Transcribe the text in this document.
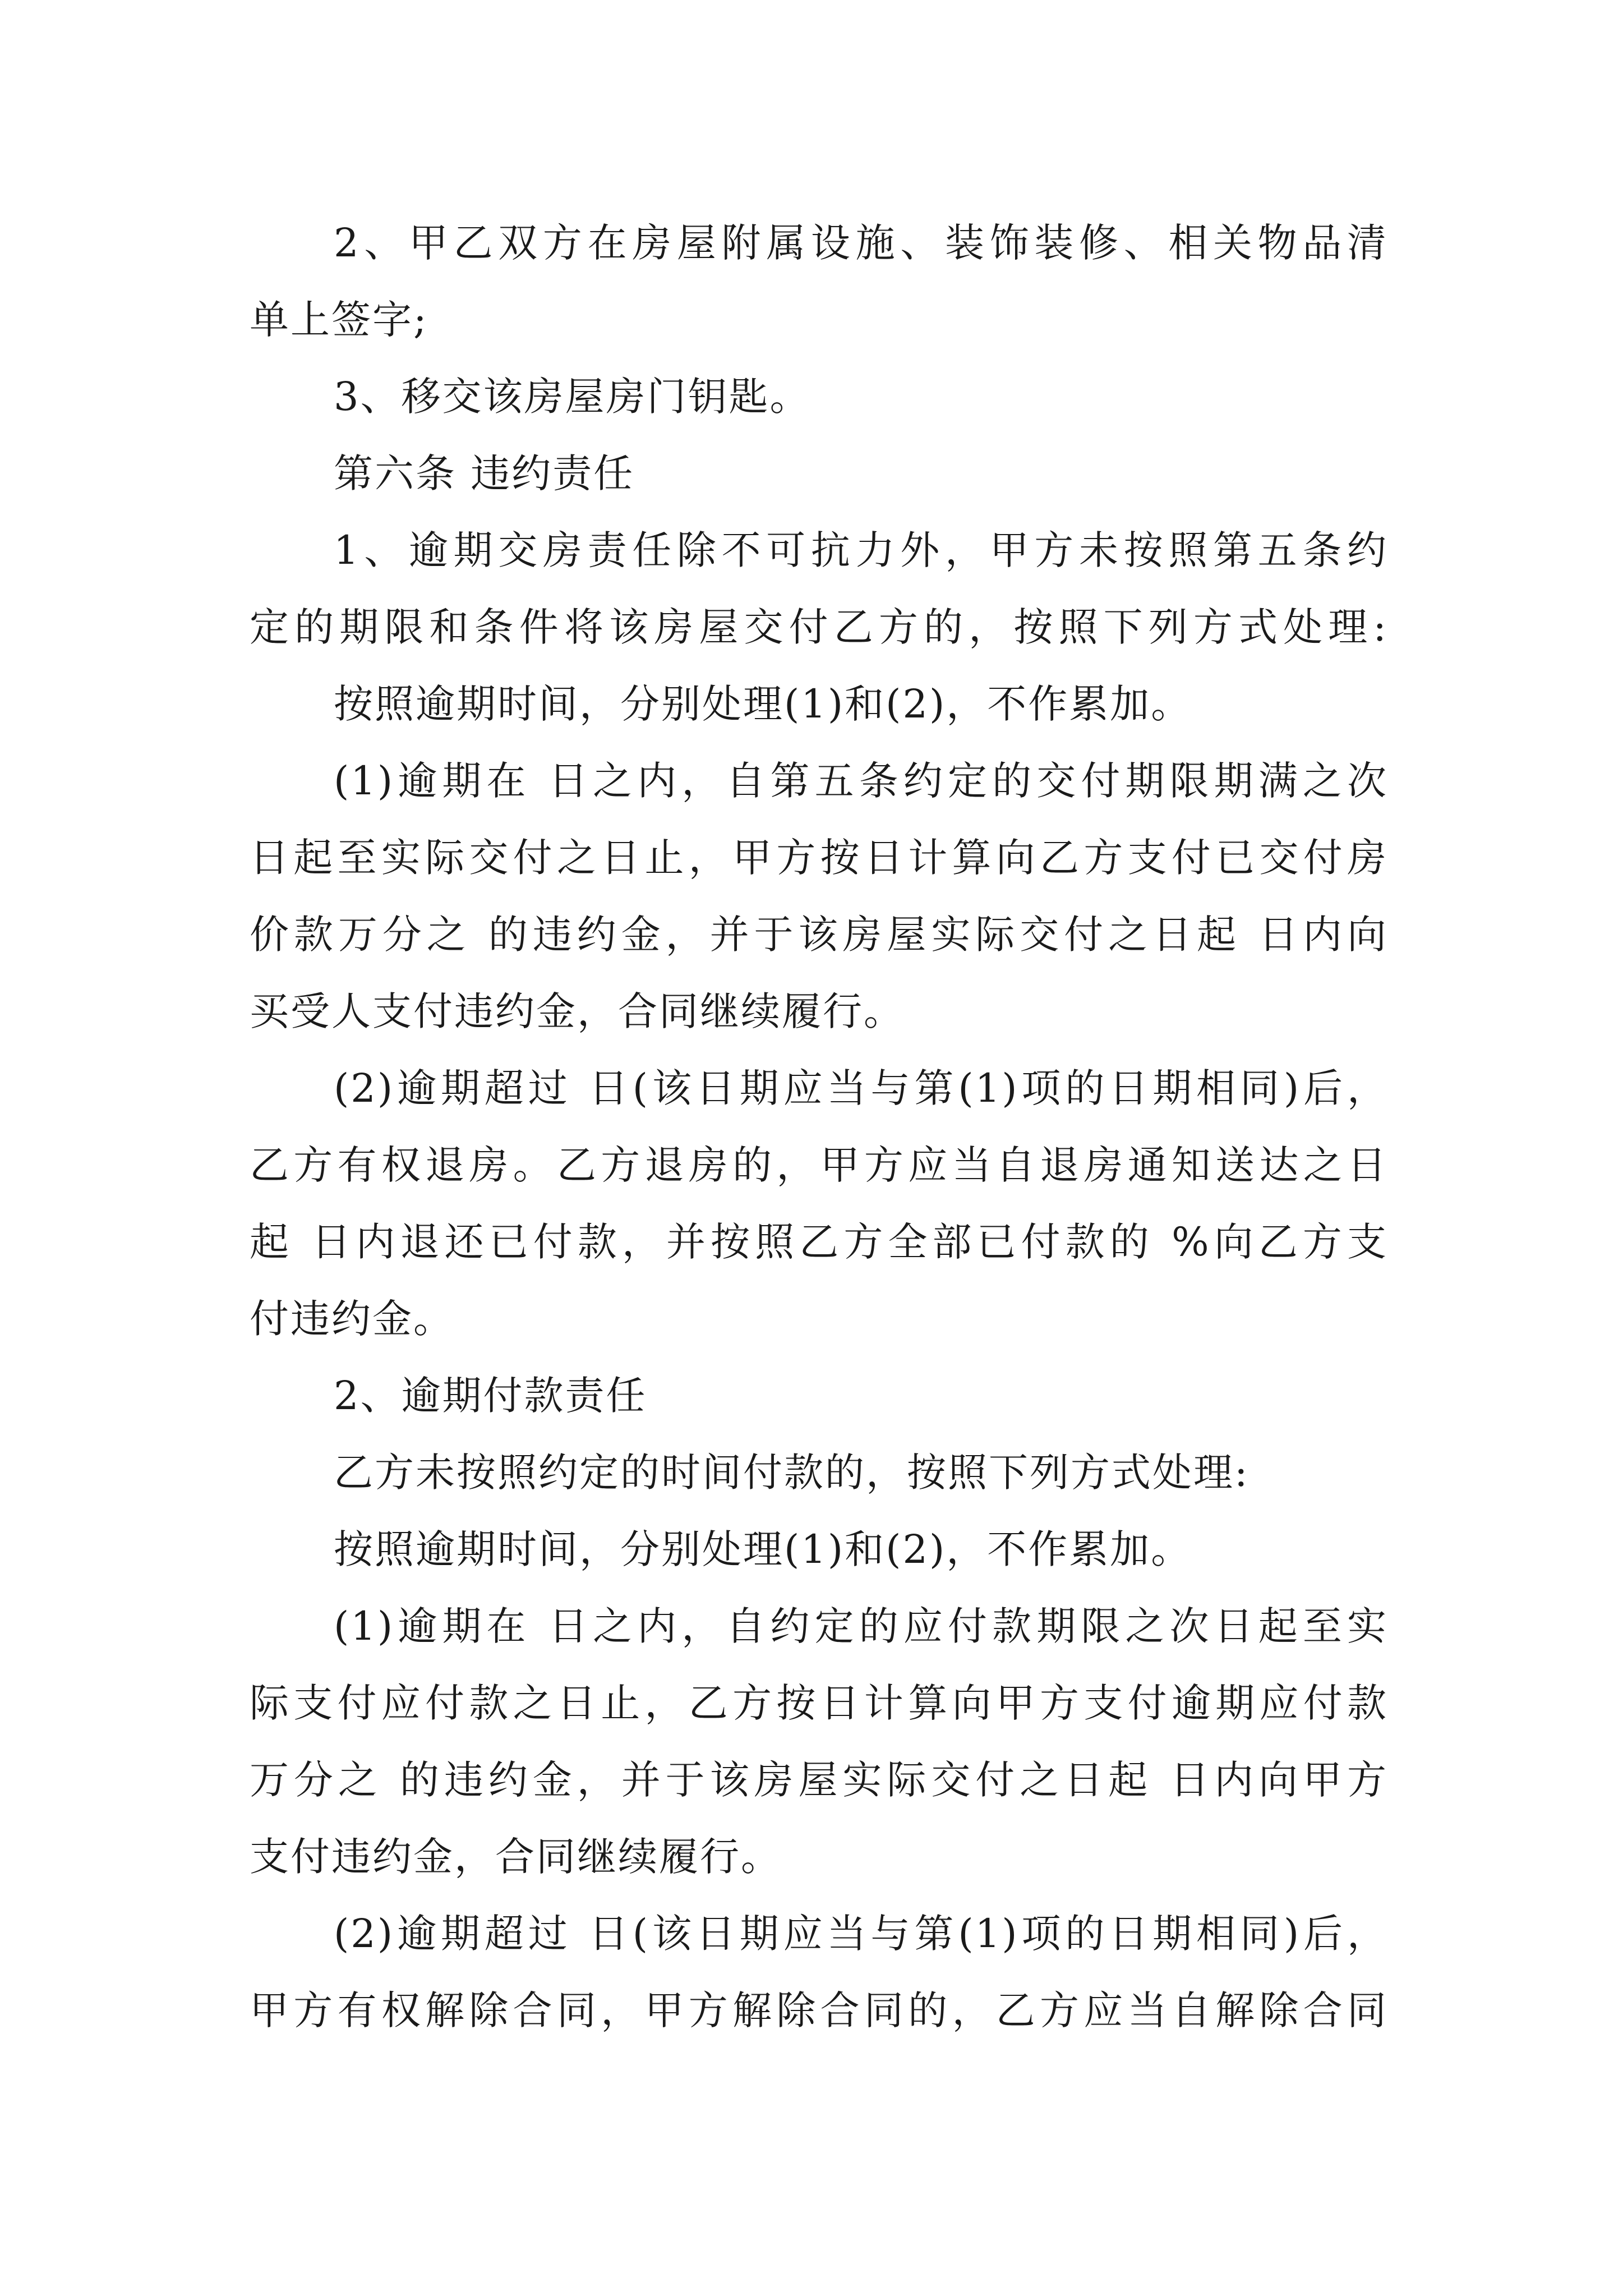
2、甲乙双方在房屋附属设施、装饰装修、相关物品清
单上签字;
3、移交该房屋房门钥匙。
第六条 违约责任
1、逾期交房责任除不可抗力外，甲方未按照第五条约
定的期限和条件将该房屋交付乙方的，按照下列方式处理:
按照逾期时间，分别处理(1)和(2)，不作累加。
(1)逾期在 日之内，自第五条约定的交付期限期满之次
日起至实际交付之日止，甲方按日计算向乙方支付已交付房
价款万分之 的违约金，并于该房屋实际交付之日起 日内向
买受人支付违约金，合同继续履行。
(2)逾期超过 日(该日期应当与第(1)项的日期相同)后，
乙方有权退房。乙方退房的，甲方应当自退房通知送达之日
起 日内退还已付款，并按照乙方全部已付款的 %向乙方支
付违约金。
2、逾期付款责任
乙方未按照约定的时间付款的，按照下列方式处理:
按照逾期时间，分别处理(1)和(2)，不作累加。
(1)逾期在 日之内，自约定的应付款期限之次日起至实
际支付应付款之日止，乙方按日计算向甲方支付逾期应付款
万分之 的违约金，并于该房屋实际交付之日起 日内向甲方
支付违约金，合同继续履行。
(2)逾期超过 日(该日期应当与第(1)项的日期相同)后，
甲方有权解除合同，甲方解除合同的，乙方应当自解除合同
